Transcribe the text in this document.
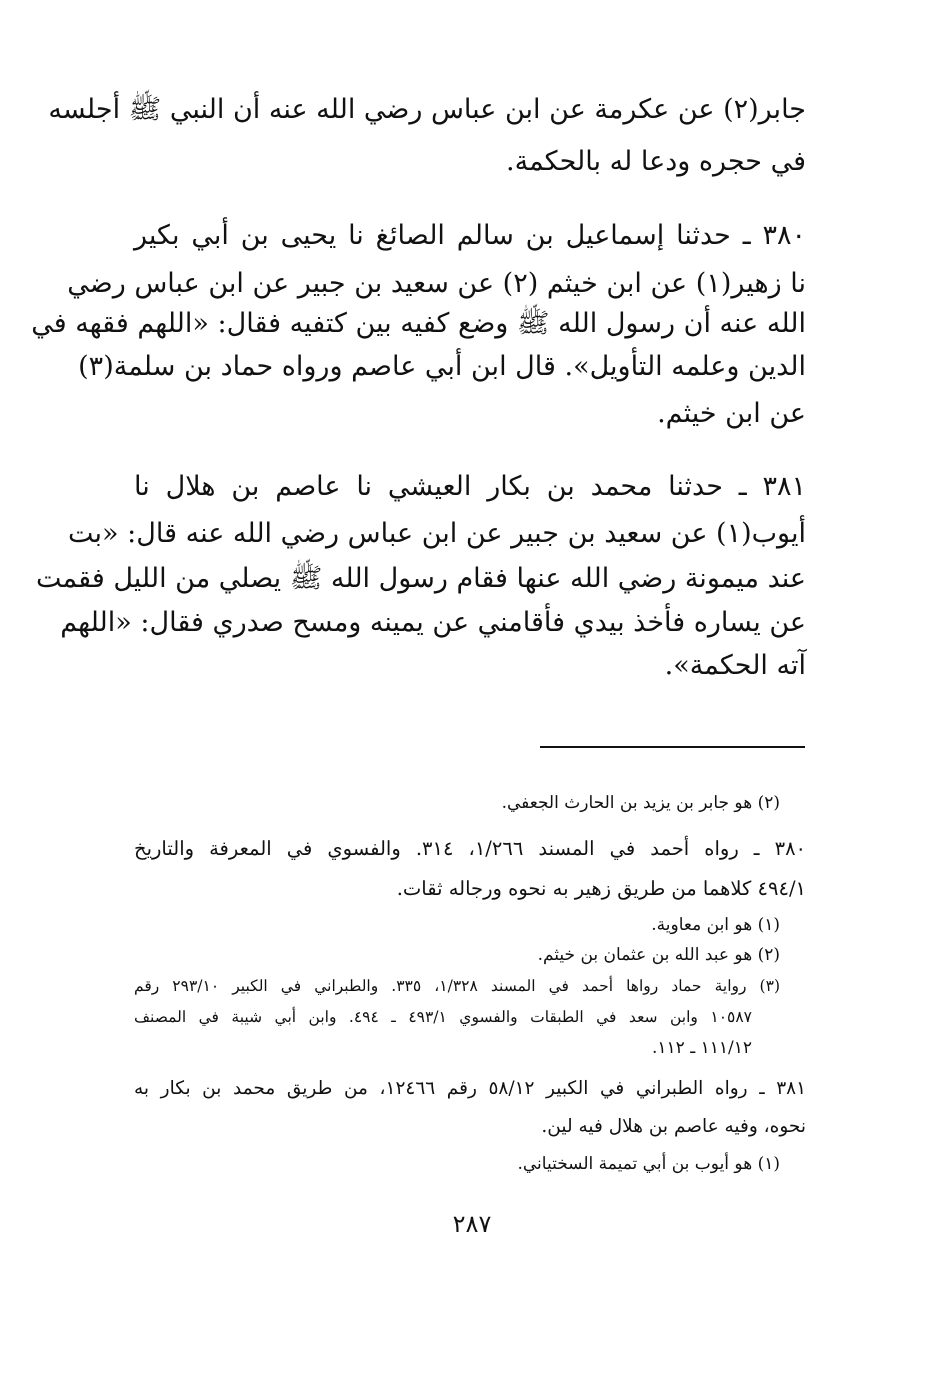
جابر(٢) عن عكرمة عن ابن عباس رضي الله عنه أن النبي ﷺ أجلسه
في حجره ودعا له بالحكمة.
٣٨٠ ـ حدثنا إسماعيل بن سالم الصائغ نا يحيى بن أبي بكير
نا زهير(١) عن ابن خيثم (٢) عن سعيد بن جبير عن ابن عباس رضي
الله عنه أن رسول الله ﷺ وضع كفيه بين كتفيه فقال: «اللهم فقهه في
الدين وعلمه التأويل». قال ابن أبي عاصم ورواه حماد بن سلمة(٣)
عن ابن خيثم.
٣٨١ ـ حدثنا محمد بن بكار العيشي نا عاصم بن هلال نا
أيوب(١) عن سعيد بن جبير عن ابن عباس رضي الله عنه قال: «بت
عند ميمونة رضي الله عنها فقام رسول الله ﷺ يصلي من الليل فقمت
عن يساره فأخذ بيدي فأقامني عن يمينه ومسح صدري فقال: «اللهم
آته الحكمة».
(٢) هو جابر بن يزيد بن الحارث الجعفي.
٣٨٠ ـ رواه أحمد في المسند ١/٢٦٦، ٣١٤. والفسوي في المعرفة والتاريخ
٤٩٤/١ كلاهما من طريق زهير به نحوه ورجاله ثقات.
(١) هو ابن معاوية.
(٢) هو عبد الله بن عثمان بن خيثم.
(٣) رواية حماد رواها أحمد في المسند ١/٣٢٨، ٣٣٥. والطبراني في الكبير ٢٩٣/١٠ رقم
١٠٥٨٧ وابن سعد في الطبقات والفسوي ٤٩٣/١ ـ ٤٩٤. وابن أبي شيبة في المصنف
١١١/١٢ ـ ١١٢.
٣٨١ ـ رواه الطبراني في الكبير ٥٨/١٢ رقم ١٢٤٦٦، من طريق محمد بن بكار به
نحوه، وفيه عاصم بن هلال فيه لين.
(١) هو أيوب بن أبي تميمة السختياني.
٢٨٧
